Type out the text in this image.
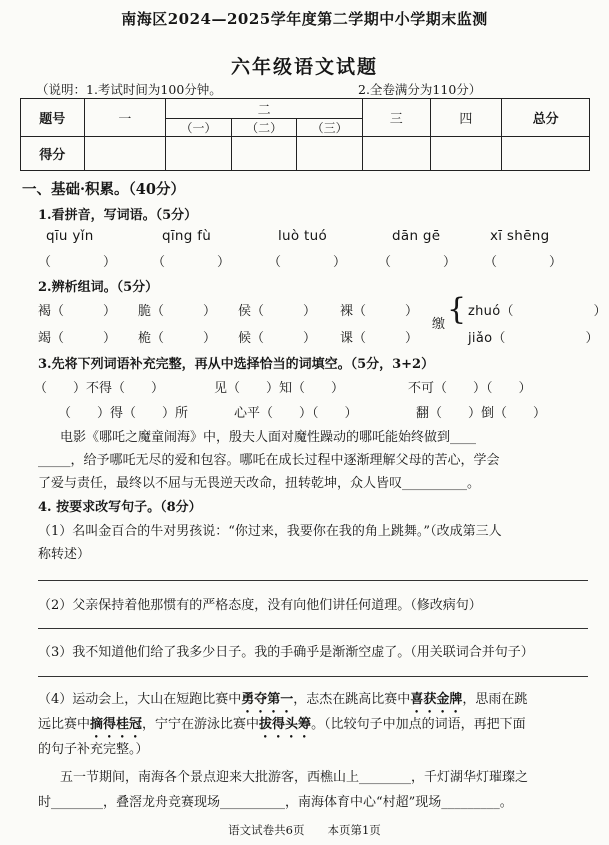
南海区2024—2025学年度第二学期中小学期末监测
六年级语文试题
（说明：1.考试时间为100分钟。	2.全卷满分为110分）
题号	一	二			三	四	总分
		（一）	（二）	（三）			
得分							
一、基础·积累。（40分）
1.看拼音，写词语。（5分）
qīu yǐn	qīng fù	luò tuó	dān gē	xī shēng
（　　　　）	（　　　　）	（　　　　） （　　　　） （　　　　）
2.辨析组词。（5分）
褐（　　　） 脆（　　　） 侯（　　　） 裸（　　　）
竭（　　　） 桅（　　　） 候（　　　） 课（　　　）
缴 { zhuó（　　　　　　）
jiǎo（　　　　　　）
3.先将下列词语补充完整，再从中选择恰当的词填空。（5分，3+2）
（　　）不得（　　）	见（　　）知（　　）	不可（　　）（　　）
（　　）得（　　）所	心平（　　）（　　）	翻（　　）倒（　　）
电影《哪吒之魔童闹海》中，殷夫人面对魔性躁动的哪吒能始终做到____
_____，给予哪吒无尽的爱和包容。哪吒在成长过程中逐渐理解父母的苦心，学会
了爱与责任，最终以不屈与无畏逆天改命，扭转乾坤，众人皆叹__________。
4. 按要求改写句子。（8分）
（1）名叫金百合的牛对男孩说：“你过来，我要你在我的角上跳舞。”（改成第三人
称转述）
（2）父亲保持着他那惯有的严格态度，没有向他们讲任何道理。（修改病句）
（3）我不知道他们给了我多少日子。我的手确乎是渐渐空虚了。（用关联词合并句子）
（4）运动会上，大山在短跑比赛中勇夺第一，志杰在跳高比赛中喜获金牌，思雨在跳
远比赛中摘得桂冠，宁宁在游泳比赛中拔得头筹。（比较句子中加点的词语，再把下面
的句子补充完整。）
五一节期间，南海各个景点迎来大批游客，西樵山上________，千灯湖华灯璀璨之
时________，叠滘龙舟竞赛现场__________，南海体育中心“村超”现场_________。
语文试卷共6页　　本页第1页
